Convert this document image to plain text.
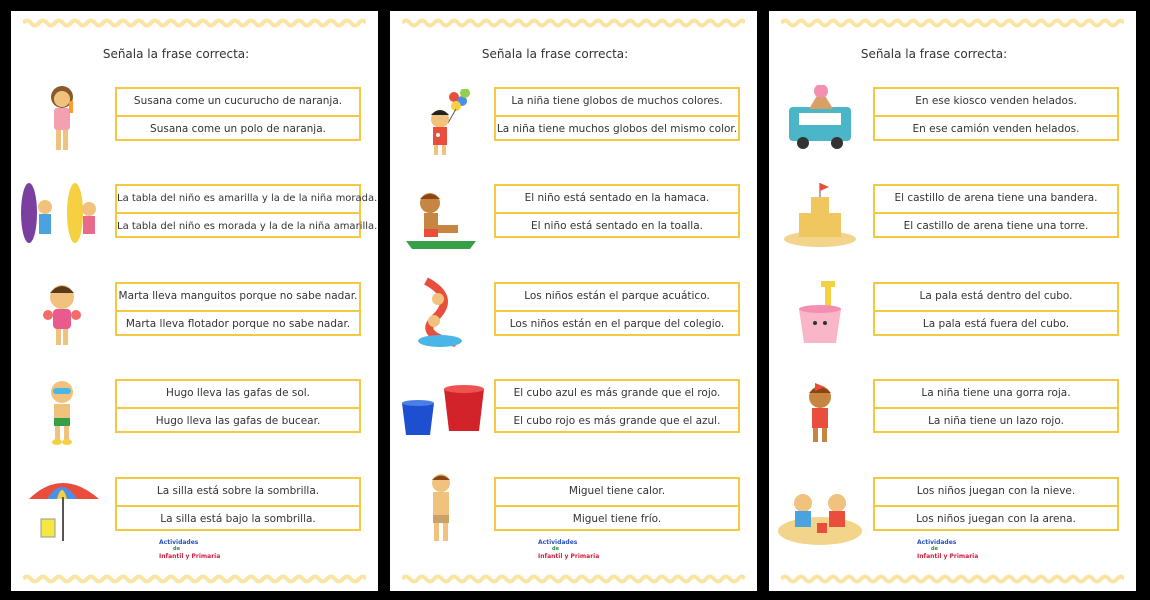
Señala la frase correcta:
Susana come un cucurucho de naranja.
Susana come un polo de naranja.
La tabla del niño es amarilla y la de la niña morada.
La tabla del niño es morada y la de la niña amarilla.
Marta lleva manguitos porque no sabe nadar.
Marta lleva flotador porque no sabe nadar.
Hugo lleva las gafas de sol.
Hugo lleva las gafas de bucear.
La silla está sobre la sombrilla.
La silla está bajo la sombrilla.
Actividades
de
Infantil y Primaria
Señala la frase correcta:
La niña tiene globos de muchos colores.
La niña tiene muchos globos del mismo color.
El niño está sentado en la hamaca.
El niño está sentado en la toalla.
Los niños están el parque acuático.
Los niños están en el parque del colegio.
El cubo azul es más grande que el rojo.
El cubo rojo es más grande que el azul.
Miguel tiene calor.
Miguel tiene frío.
Actividades
de
Infantil y Primaria
Señala la frase correcta:
En ese kiosco venden helados.
En ese camión venden helados.
El castillo de arena tiene una bandera.
El castillo de arena tiene una torre.
La pala está dentro del cubo.
La pala está fuera del cubo.
La niña tiene una gorra roja.
La niña tiene un lazo rojo.
Los niños juegan con la nieve.
Los niños juegan con la arena.
Actividades
de
Infantil y Primaria
